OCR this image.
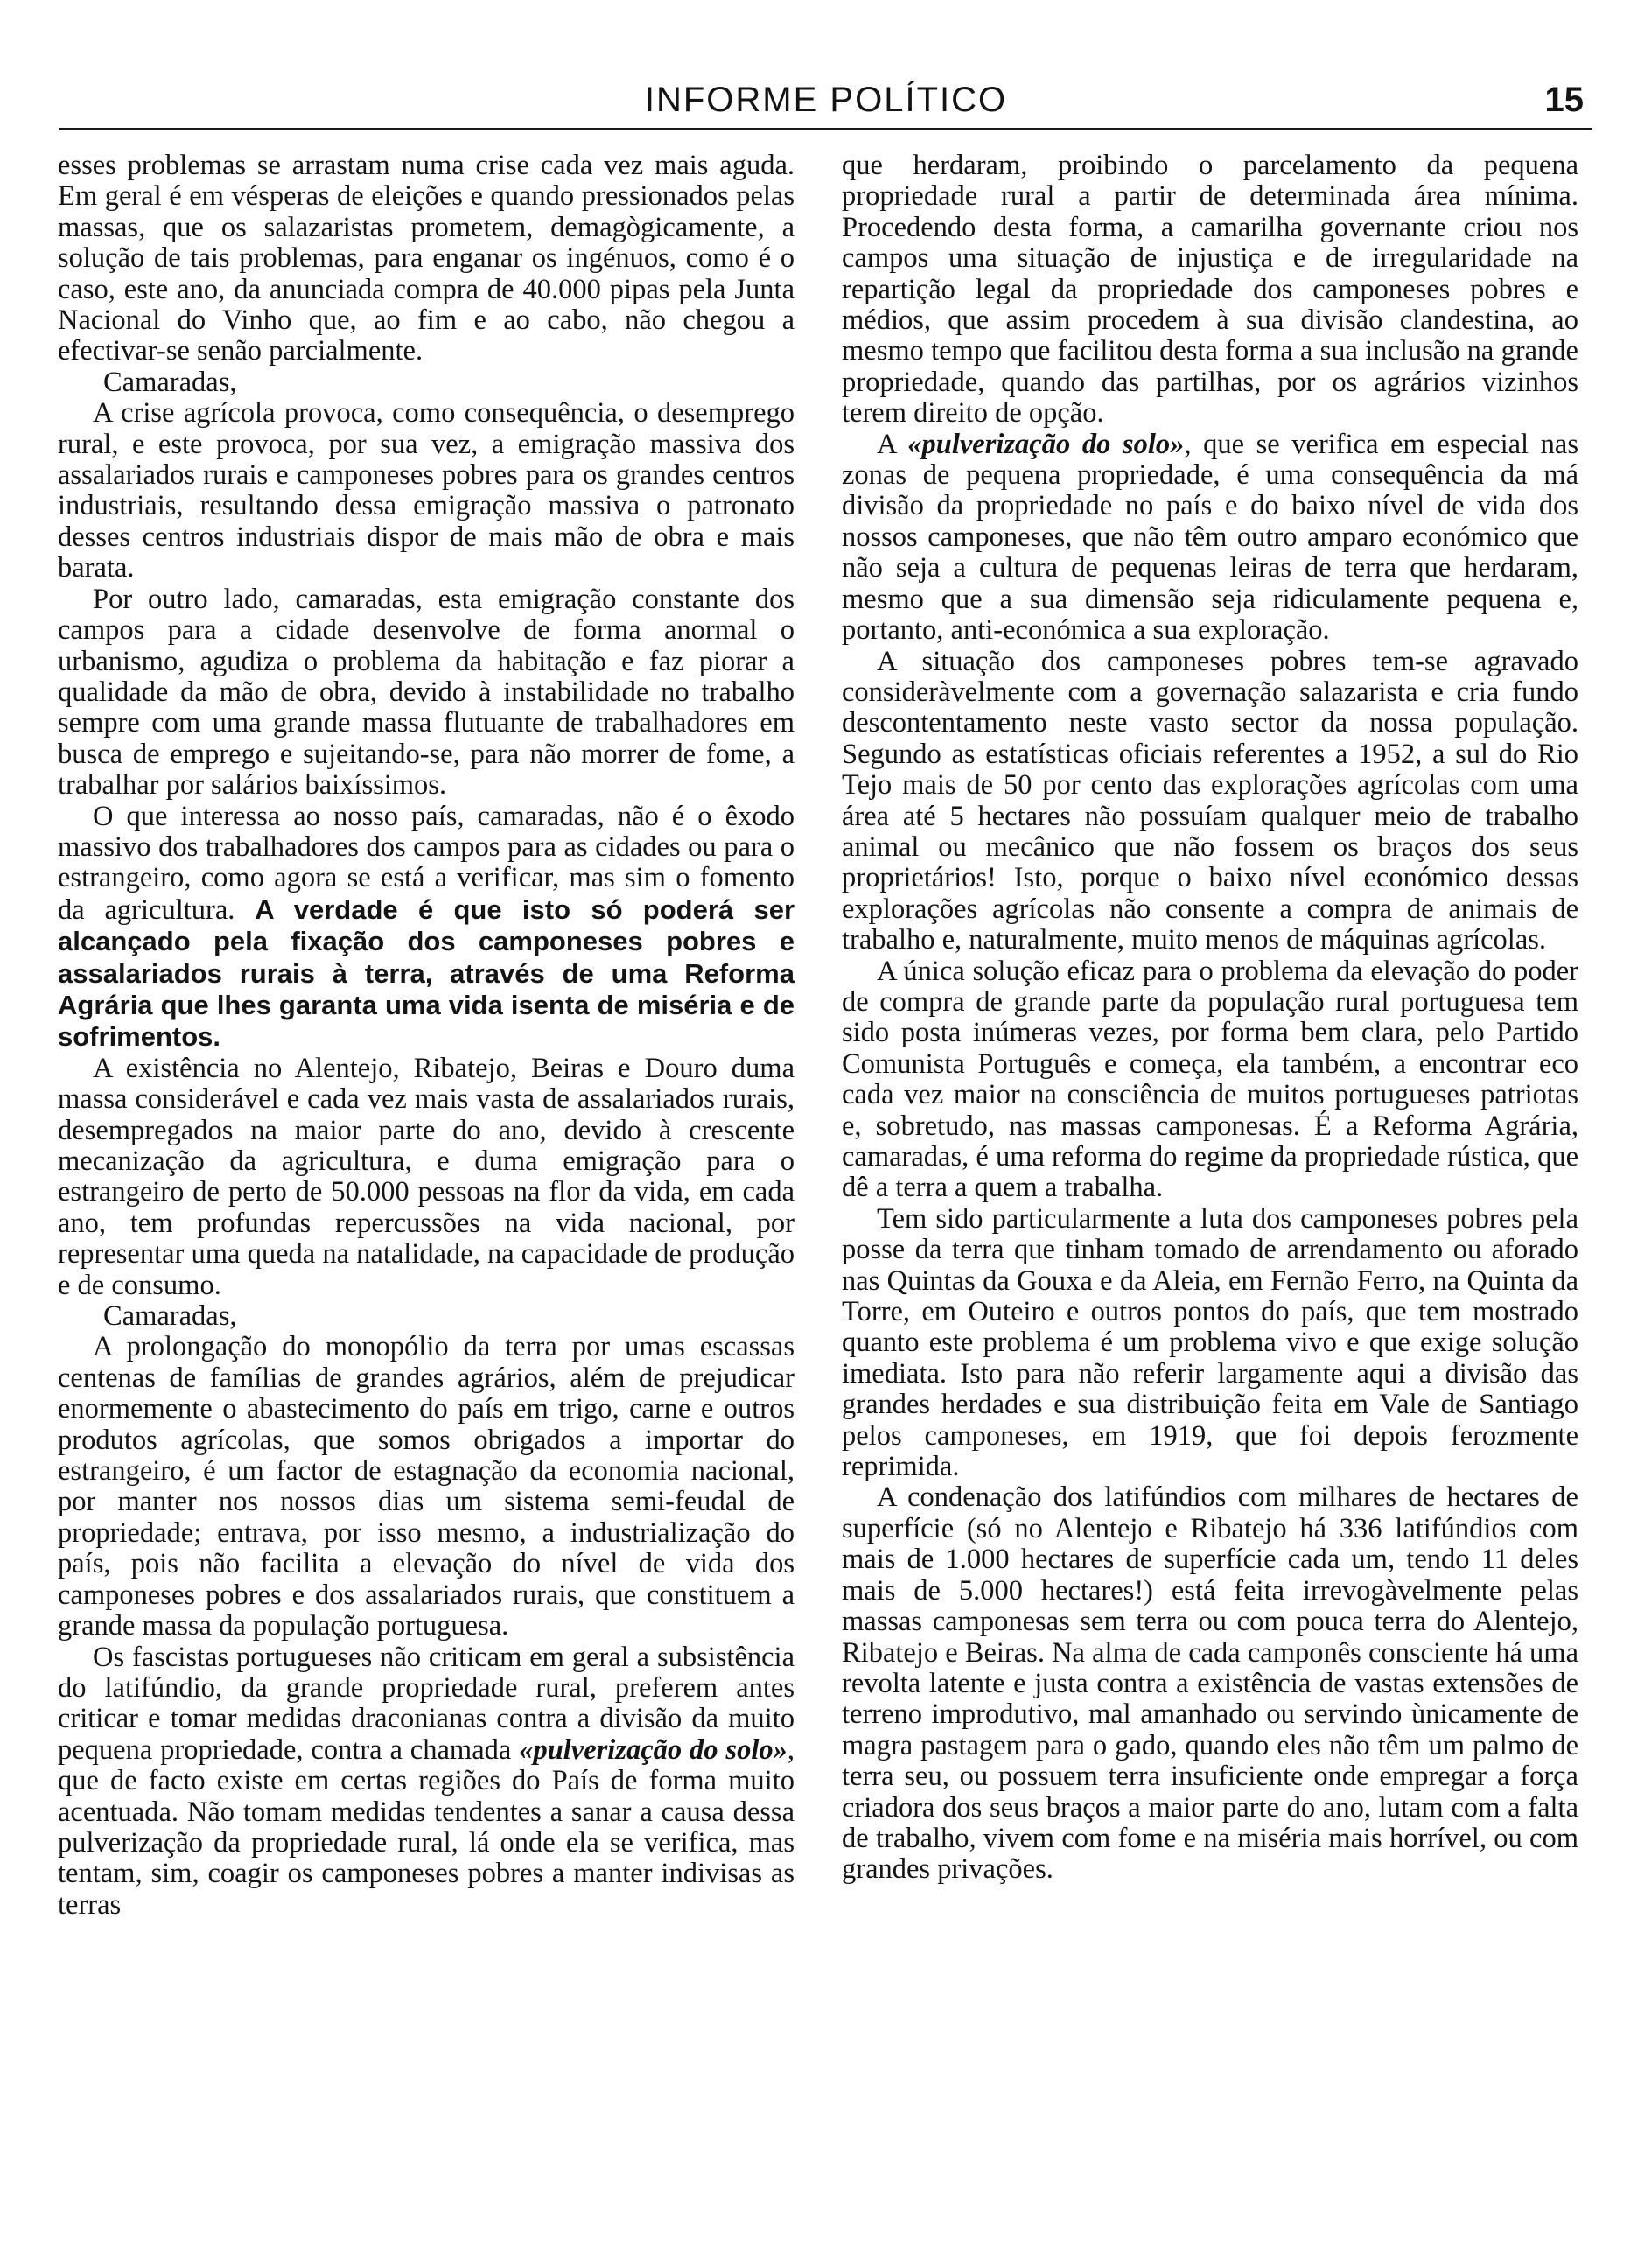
INFORME POLÍTICO	15

esses problemas se arrastam numa crise cada vez mais aguda. Em geral é em vésperas de eleições e quando pressionados pelas massas, que os salazaristas prometem, demagògicamente, a solução de tais problemas, para enganar os ingénuos, como é o caso, este ano, da anunciada compra de 40.000 pipas pela Junta Nacional do Vinho que, ao fim e ao cabo, não chegou a efectivar-se senão parcialmente.

Camaradas,

A crise agrícola provoca, como consequência, o desemprego rural, e este provoca, por sua vez, a emigração massiva dos assalariados rurais e camponeses pobres para os grandes centros industriais, resultando dessa emigração massiva o patronato desses centros industriais dispor de mais mão de obra e mais barata.

Por outro lado, camaradas, esta emigração constante dos campos para a cidade desenvolve de forma anormal o urbanismo, agudiza o problema da habitação e faz piorar a qualidade da mão de obra, devido à instabilidade no trabalho sempre com uma grande massa flutuante de trabalhadores em busca de emprego e sujeitando-se, para não morrer de fome, a trabalhar por salários baixíssimos.

O que interessa ao nosso país, camaradas, não é o êxodo massivo dos trabalhadores dos campos para as cidades ou para o estrangeiro, como agora se está a verificar, mas sim o fomento da agricultura. A verdade é que isto só poderá ser alcançado pela fixação dos camponeses pobres e assalariados rurais à terra, através de uma Reforma Agrária que lhes garanta uma vida isenta de miséria e de sofrimentos.

A existência no Alentejo, Ribatejo, Beiras e Douro duma massa considerável e cada vez mais vasta de assalariados rurais, desempregados na maior parte do ano, devido à crescente mecanização da agricultura, e duma emigração para o estrangeiro de perto de 50.000 pessoas na flor da vida, em cada ano, tem profundas repercussões na vida nacional, por representar uma queda na natalidade, na capacidade de produção e de consumo.

Camaradas,

A prolongação do monopólio da terra por umas escassas centenas de famílias de grandes agrários, além de prejudicar enormemente o abastecimento do país em trigo, carne e outros produtos agrícolas, que somos obrigados a importar do estrangeiro, é um factor de estagnação da economia nacional, por manter nos nossos dias um sistema semi-feudal de propriedade; entrava, por isso mesmo, a industrialização do país, pois não facilita a elevação do nível de vida dos camponeses pobres e dos assalariados rurais, que constituem a grande massa da população portuguesa.

Os fascistas portugueses não criticam em geral a subsistência do latifúndio, da grande propriedade rural, preferem antes criticar e tomar medidas draconianas contra a divisão da muito pequena propriedade, contra a chamada «pulverização do solo», que de facto existe em certas regiões do País de forma muito acentuada. Não tomam medidas tendentes a sanar a causa dessa pulverização da propriedade rural, lá onde ela se verifica, mas tentam, sim, coagir os camponeses pobres a manter indivisas as terras

que herdaram, proibindo o parcelamento da pequena propriedade rural a partir de determinada área mínima. Procedendo desta forma, a camarilha governante criou nos campos uma situação de injustiça e de irregularidade na repartição legal da propriedade dos camponeses pobres e médios, que assim procedem à sua divisão clandestina, ao mesmo tempo que facilitou desta forma a sua inclusão na grande propriedade, quando das partilhas, por os agrários vizinhos terem direito de opção.

A «pulverização do solo», que se verifica em especial nas zonas de pequena propriedade, é uma consequência da má divisão da propriedade no país e do baixo nível de vida dos nossos camponeses, que não têm outro amparo económico que não seja a cultura de pequenas leiras de terra que herdaram, mesmo que a sua dimensão seja ridiculamente pequena e, portanto, anti-económica a sua exploração.

A situação dos camponeses pobres tem-se agravado consideràvelmente com a governação salazarista e cria fundo descontentamento neste vasto sector da nossa população. Segundo as estatísticas oficiais referentes a 1952, a sul do Rio Tejo mais de 50 por cento das explorações agrícolas com uma área até 5 hectares não possuíam qualquer meio de trabalho animal ou mecânico que não fossem os braços dos seus proprietários! Isto, porque o baixo nível económico dessas explorações agrícolas não consente a compra de animais de trabalho e, naturalmente, muito menos de máquinas agrícolas.

A única solução eficaz para o problema da elevação do poder de compra de grande parte da população rural portuguesa tem sido posta inúmeras vezes, por forma bem clara, pelo Partido Comunista Português e começa, ela também, a encontrar eco cada vez maior na consciência de muitos portugueses patriotas e, sobretudo, nas massas camponesas. É a Reforma Agrária, camaradas, é uma reforma do regime da propriedade rústica, que dê a terra a quem a trabalha.

Tem sido particularmente a luta dos camponeses pobres pela posse da terra que tinham tomado de arrendamento ou aforado nas Quintas da Gouxa e da Aleia, em Fernão Ferro, na Quinta da Torre, em Outeiro e outros pontos do país, que tem mostrado quanto este problema é um problema vivo e que exige solução imediata. Isto para não referir largamente aqui a divisão das grandes herdades e sua distribuição feita em Vale de Santiago pelos camponeses, em 1919, que foi depois ferozmente reprimida.

A condenação dos latifúndios com milhares de hectares de superfície (só no Alentejo e Ribatejo há 336 latifúndios com mais de 1.000 hectares de superfície cada um, tendo 11 deles mais de 5.000 hectares!) está feita irrevogàvelmente pelas massas camponesas sem terra ou com pouca terra do Alentejo, Ribatejo e Beiras. Na alma de cada camponês consciente há uma revolta latente e justa contra a existência de vastas extensões de terreno improdutivo, mal amanhado ou servindo ùnicamente de magra pastagem para o gado, quando eles não têm um palmo de terra seu, ou possuem terra insuficiente onde empregar a força criadora dos seus braços a maior parte do ano, lutam com a falta de trabalho, vivem com fome e na miséria mais horrível, ou com grandes privações.
